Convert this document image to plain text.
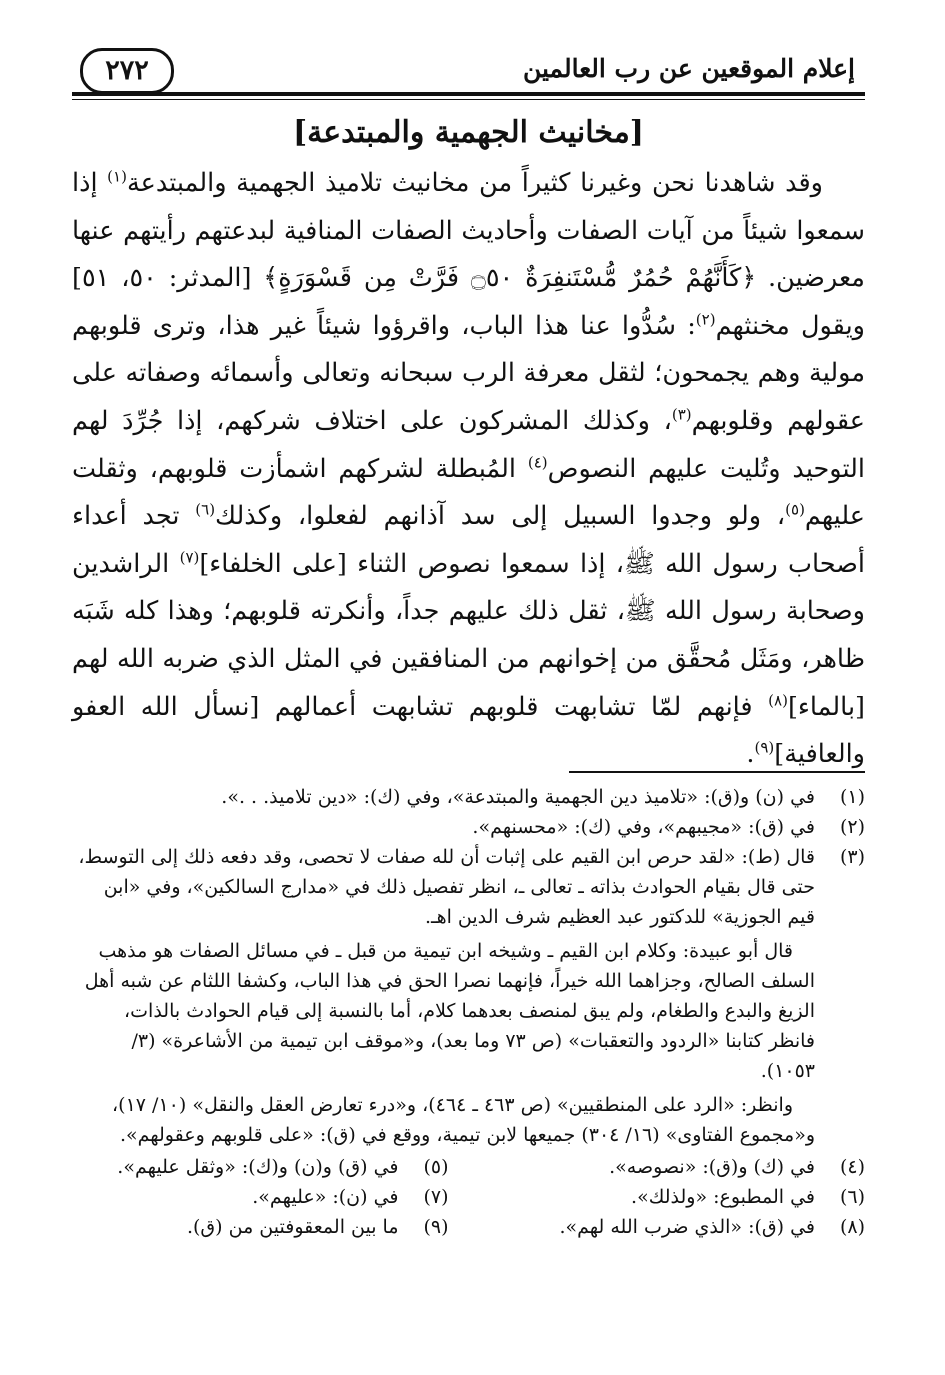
إعلام الموقعين عن رب العالمين
٢٧٢
[مخانيث الجهمية والمبتدعة]

وقد شاهدنا نحن وغيرنا كثيراً من مخانيث تلاميذ الجهمية والمبتدعة$^{(١)}$ إذا سمعوا شيئاً من آيات الصفات وأحاديث الصفات المنافية لبدعتهم رأيتهم عنها معرضين. ﴿كَأَنَّهُمْ حُمُرٌ مُّسْتَنفِرَةٌ ۝٥٠ فَرَّتْ مِن قَسْوَرَةٍ﴾ [المدثر: ٥٠، ٥١] ويقول مخنثهم$^{(٢)}$: سُدُّوا عنا هذا الباب، واقرؤوا شيئاً غير هذا، وترى قلوبهم مولية وهم يجمحون؛ لثقل معرفة الرب سبحانه وتعالى وأسمائه وصفاته على عقولهم وقلوبهم$^{(٣)}$، وكذلك المشركون على اختلاف شركهم، إذا جُرِّدَ لهم التوحيد وتُليت عليهم النصوص$^{(٤)}$ المُبطلة لشركهم اشمأزت قلوبهم، وثقلت عليهم$^{(٥)}$، ولو وجدوا السبيل إلى سد آذانهم لفعلوا، وكذلك$^{(٦)}$ تجد أعداء أصحاب رسول الله ﷺ، إذا سمعوا نصوص الثناء [على الخلفاء]$^{(٧)}$ الراشدين وصحابة رسول الله ﷺ، ثقل ذلك عليهم جداً، وأنكرته قلوبهم؛ وهذا كله شَبَه ظاهر، ومَثَل مُحقَّق من إخوانهم من المنافقين في المثل الذي ضربه الله لهم [بالماء]$^{(٨)}$ فإنهم لمّا تشابهت قلوبهم تشابهت أعمالهم [نسأل الله العفو والعافية]$^{(٩)}$.

(١)
في (ن) و(ق): «تلاميذ دين الجهمية والمبتدعة»، وفي (ك): «دين تلاميذ. . .».
(٢)
في (ق): «مجيبهم»، وفي (ك): «محسنهم».
(٣)
قال (ط): «لقد حرص ابن القيم على إثبات أن لله صفات لا تحصى، وقد دفعه ذلك إلى التوسط، حتى قال بقيام الحوادث بذاته ـ تعالى ـ، انظر تفصيل ذلك في «مدارج السالكين»، وفي «ابن قيم الجوزية» للدكتور عبد العظيم شرف الدين اهـ.

قال أبو عبيدة: وكلام ابن القيم ـ وشيخه ابن تيمية من قبل ـ في مسائل الصفات هو مذهب السلف الصالح، وجزاهما الله خيراً، فإنهما نصرا الحق في هذا الباب، وكشفا اللثام عن شبه أهل الزيغ والبدع والطغام، ولم يبق لمنصف بعدهما كلام، أما بالنسبة إلى قيام الحوادث بالذات، فانظر كتابنا «الردود والتعقبات» (ص ٧٣ وما بعد)، و«موقف ابن تيمية من الأشاعرة» (٣/ ١٠٥٣).

وانظر: «الرد على المنطقيين» (ص ٤٦٣ ـ ٤٦٤)، و«درء تعارض العقل والنقل» (١٠/ ١٧)، و«مجموع الفتاوى» (١٦/ ٣٠٤) جميعها لابن تيمية، ووقع في (ق): «على قلوبهم وعقولهم».

(٤)
في (ك) و(ق): «نصوصه».
(٥)
في (ق) و(ن) و(ك): «وثقل عليهم».
(٦)
في المطبوع: «ولذلك».
(٧)
في (ن): «عليهم».
(٨)
في (ق): «الذي ضرب الله لهم».
(٩)
ما بين المعقوفتين من (ق).
